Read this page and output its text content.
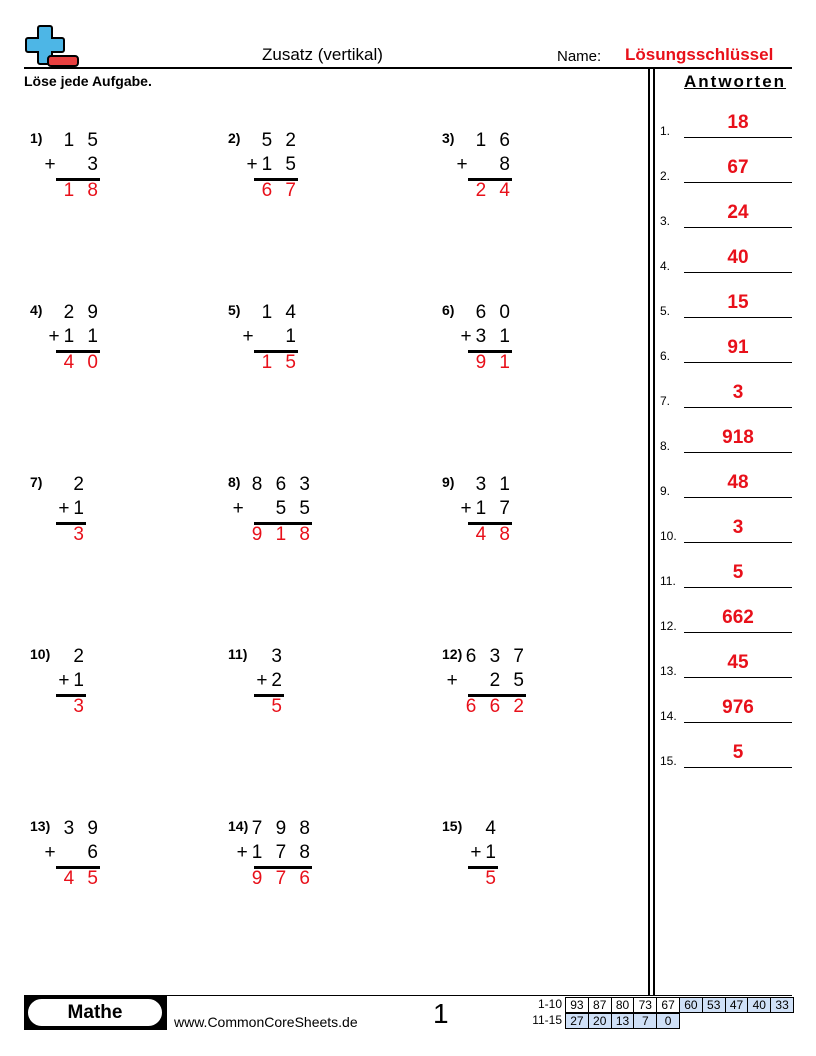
Zusatz (vertikal)	Name: Lösungsschlüssel
Löse jede Aufgabe.	Antworten
1) 1 5
+   3
1 8
2) 5 2
+1 5
6 7
3) 1 6
+   8
2 4
4) 2 9
+1 1
4 0
5) 1 4
+   1
1 5
6) 6 0
+3 1
9 1
7) 2
+1
3
8) 8 6 3
+   5 5
9 1 8
9) 3 1
+1 7
4 8
10) 2
+1
3
11) 3
+2
5
12) 6 3 7
+   2 5
6 6 2
13) 3 9
+   6
4 5
14) 7 9 8
+1 7 8
9 7 6
15) 4
+1
5
1.	18
2.	67
3.	24
4.	40
5.	15
6.	91
7.	3
8.	918
9.	48
10.	3
11.	5
12.	662
13.	45
14.	976
15.	5
Mathe	www.CommonCoreSheets.de	1	1-10 93 87 80 73 67 60 53 47 40 33
11-15 27 20 13	7	0
